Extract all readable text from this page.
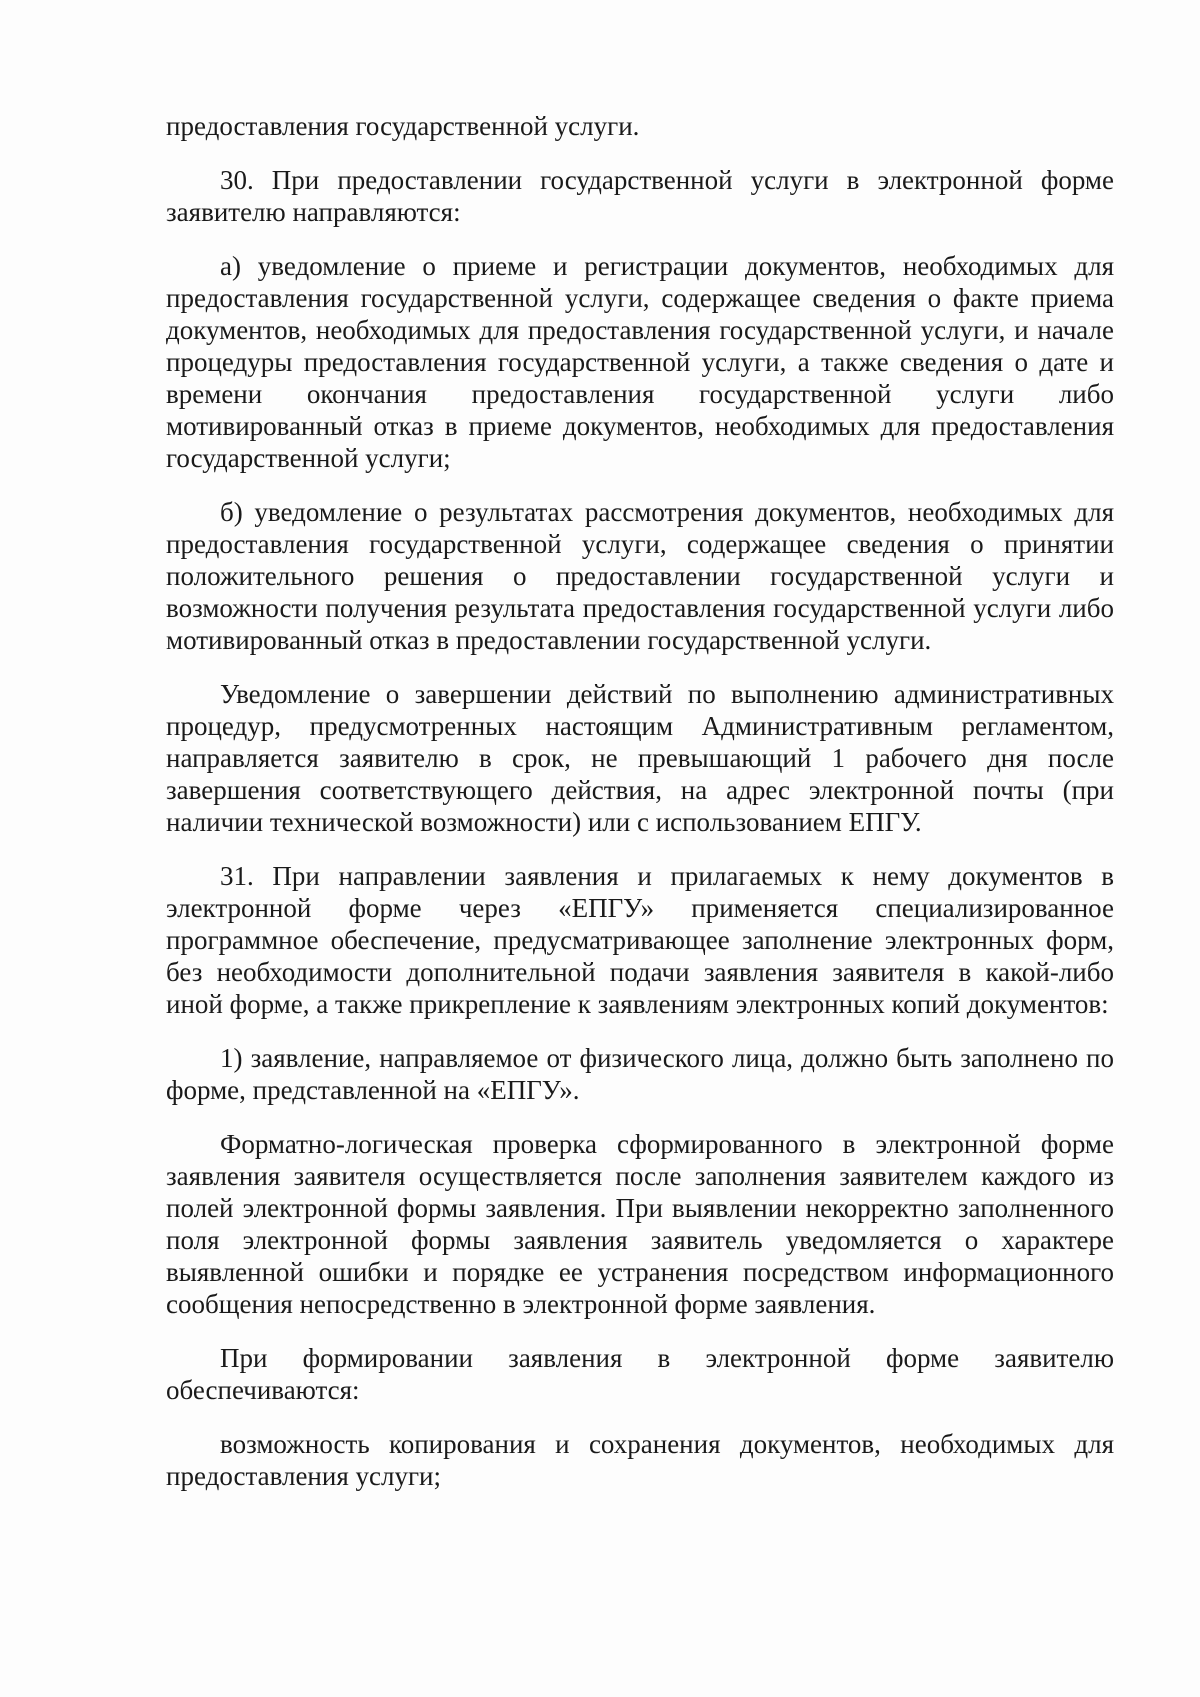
предоставления государственной услуги.

30. При предоставлении государственной услуги в электронной форме заявителю направляются:

а) уведомление о приеме и регистрации документов, необходимых для предоставления государственной услуги, содержащее сведения о факте приема документов, необходимых для предоставления государственной услуги, и начале процедуры предоставления государственной услуги, а также сведения о дате и времени окончания предоставления государственной услуги либо мотивированный отказ в приеме документов, необходимых для предоставления государственной услуги;

б) уведомление о результатах рассмотрения документов, необходимых для предоставления государственной услуги, содержащее сведения о принятии положительного решения о предоставлении государственной услуги и возможности получения результата предоставления государственной услуги либо мотивированный отказ в предоставлении государственной услуги.

Уведомление о завершении действий по выполнению административных процедур, предусмотренных настоящим Административным регламентом, направляется заявителю в срок, не превышающий 1 рабочего дня после завершения соответствующего действия, на адрес электронной почты (при наличии технической возможности) или с использованием ЕПГУ.

31. При направлении заявления и прилагаемых к нему документов в электронной форме через «ЕПГУ» применяется специализированное программное обеспечение, предусматривающее заполнение электронных форм, без необходимости дополнительной подачи заявления заявителя в какой-либо иной форме, а также прикрепление к заявлениям электронных копий документов:

1) заявление, направляемое от физического лица, должно быть заполнено по форме, представленной на «ЕПГУ».

Форматно-логическая проверка сформированного в электронной форме заявления заявителя осуществляется после заполнения заявителем каждого из полей электронной формы заявления. При выявлении некорректно заполненного поля электронной формы заявления заявитель уведомляется о характере выявленной ошибки и порядке ее устранения посредством информационного сообщения непосредственно в электронной форме заявления.

При формировании заявления в электронной форме заявителю обеспечиваются:

возможность копирования и сохранения документов, необходимых для предоставления услуги;
